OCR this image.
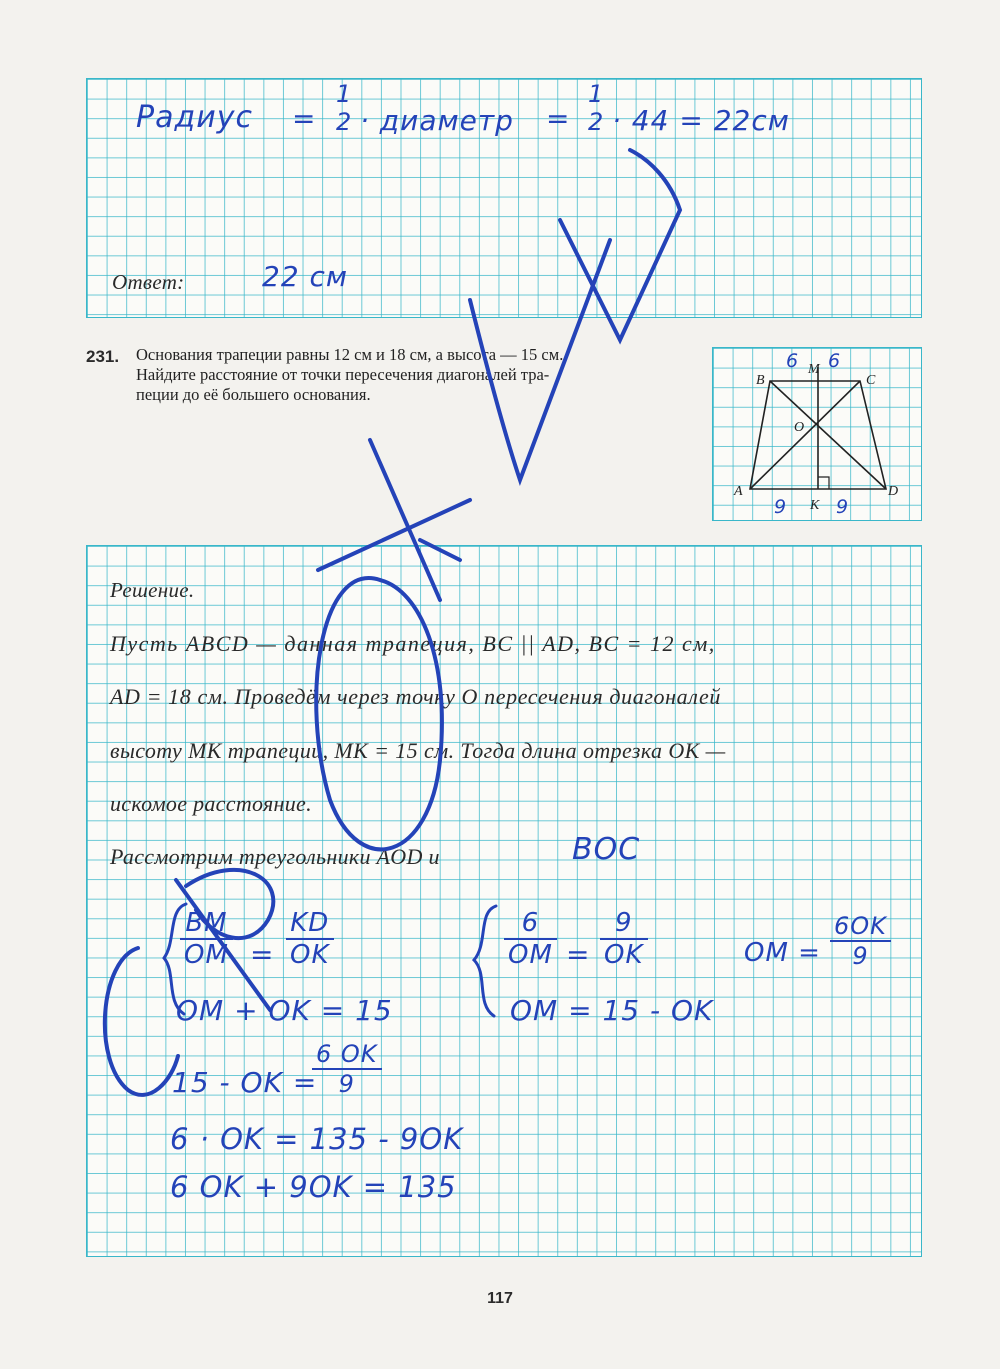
Радиус =
1
2 · диаметр =
1
2 · 44 = 22см
Ответ:	22 см
231. Основания трапеции равны 12 см и 18 см, а высота — 15 см.
Найдите расстояние от точки пересечения диагоналей тра-
пеции до её большего основания.
B
M
C
O
A
K
D
6 6
9	9
Решение.
Пусть ABCD — данная трапеция, BC || AD, BC = 12 см,
AD = 18 см. Проведём через точку O пересечения диагоналей
высоту MK трапеции, MK = 15 см. Тогда длина отрезка OK —
искомое расстояние.
Рассмотрим треугольники AOD и	BOC
$\frac{BM}{OM} = \frac{KD}{OK}$
OM + OK = 15
$\frac{6}{OM} = \frac{9}{OK}$
OM = 15 - OK
OM = $\frac{6OK}{9}$
15 - OK =
$\frac{6 OK}{9}$
6 · OK = 135 - 9OK
6 OK + 9OK = 135
117
